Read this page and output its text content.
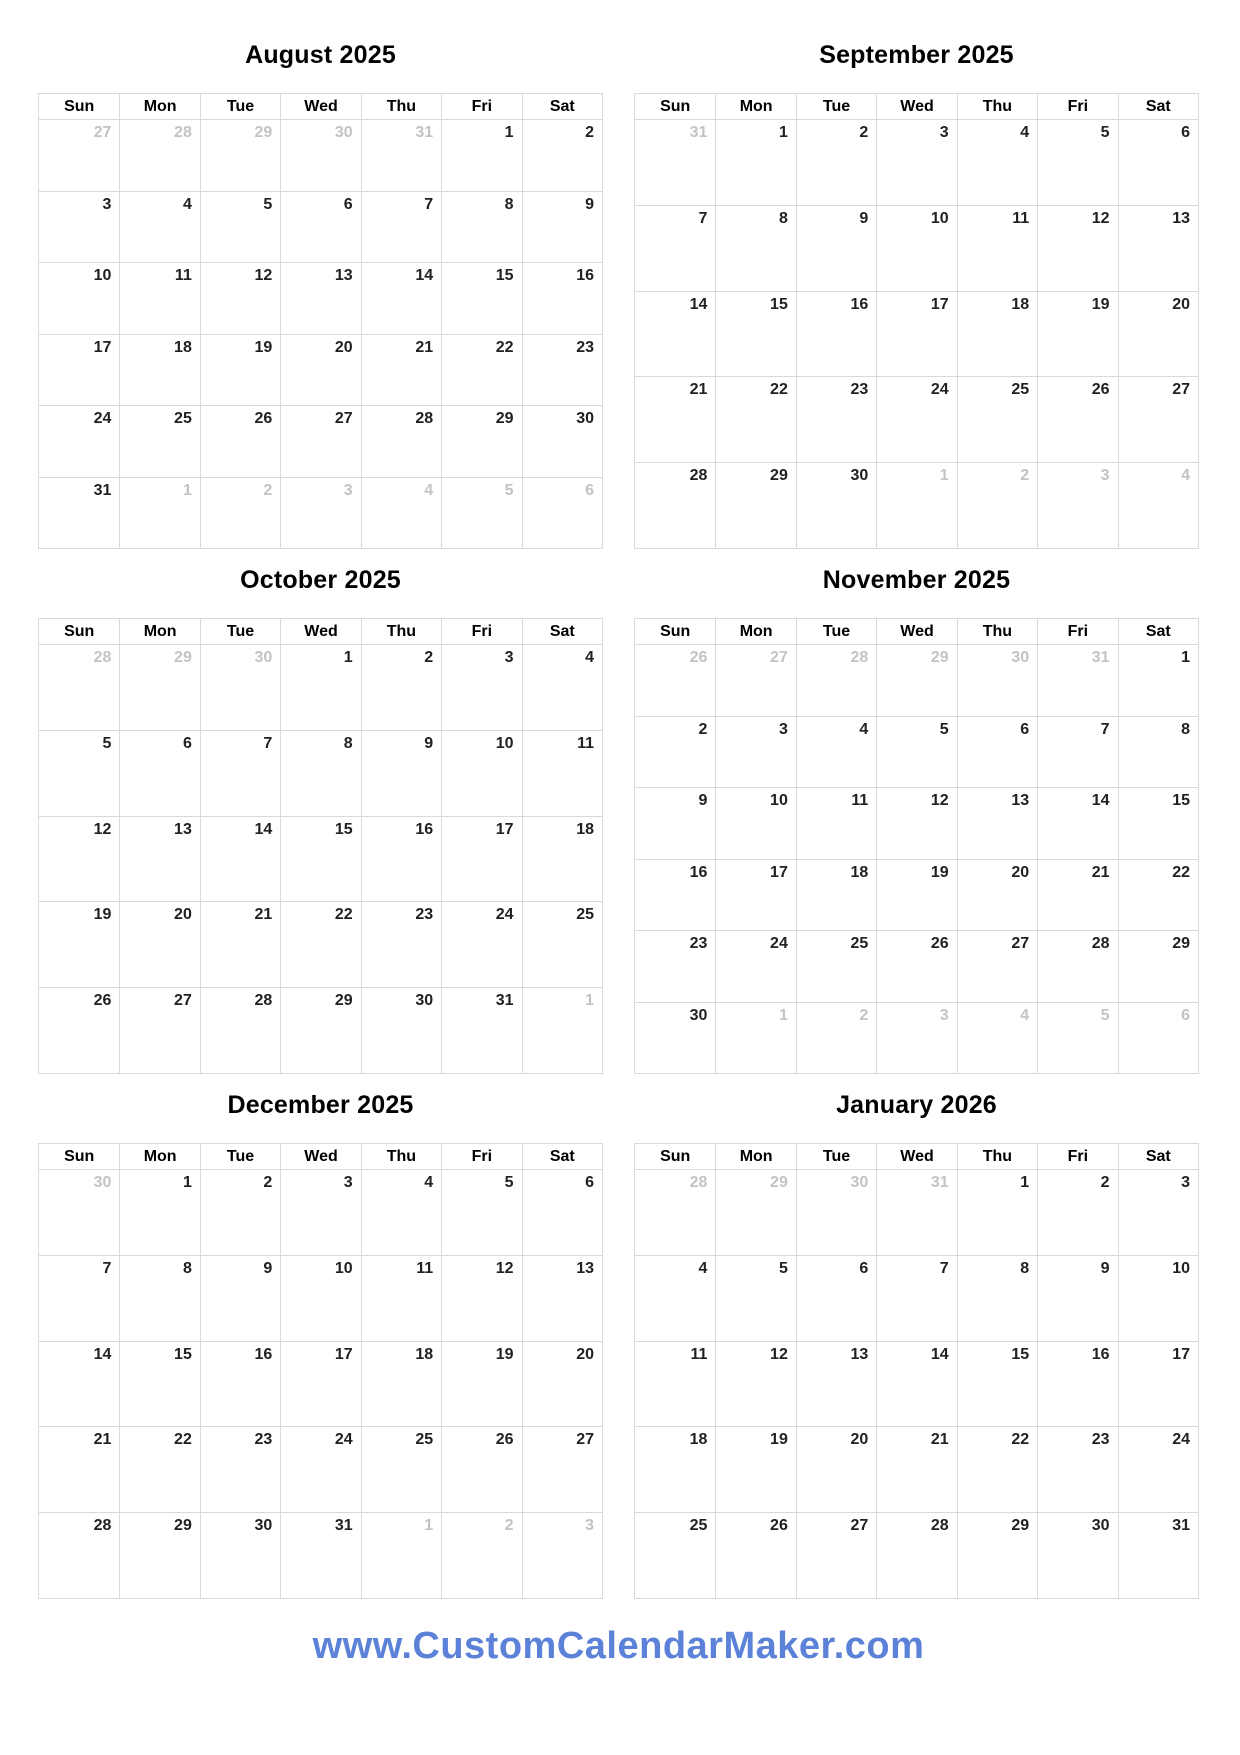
August 2025
Sun	Mon	Tue	Wed	Thu	Fri	Sat
27	28	29	30	31	1	2
3	4	5	6	7	8	9
10	11	12	13	14	15	16
17	18	19	20	21	22	23
24	25	26	27	28	29	30
31	1	2	3	4	5	6
September 2025
Sun	Mon	Tue	Wed	Thu	Fri	Sat
31	1	2	3	4	5	6
7	8	9	10	11	12	13
14	15	16	17	18	19	20
21	22	23	24	25	26	27
28	29	30	1	2	3	4
October 2025
Sun	Mon	Tue	Wed	Thu	Fri	Sat
28	29	30	1	2	3	4
5	6	7	8	9	10	11
12	13	14	15	16	17	18
19	20	21	22	23	24	25
26	27	28	29	30	31	1
November 2025
Sun	Mon	Tue	Wed	Thu	Fri	Sat
26	27	28	29	30	31	1
2	3	4	5	6	7	8
9	10	11	12	13	14	15
16	17	18	19	20	21	22
23	24	25	26	27	28	29
30	1	2	3	4	5	6
December 2025
Sun	Mon	Tue	Wed	Thu	Fri	Sat
30	1	2	3	4	5	6
7	8	9	10	11	12	13
14	15	16	17	18	19	20
21	22	23	24	25	26	27
28	29	30	31	1	2	3
January 2026
Sun	Mon	Tue	Wed	Thu	Fri	Sat
28	29	30	31	1	2	3
4	5	6	7	8	9	10
11	12	13	14	15	16	17
18	19	20	21	22	23	24
25	26	27	28	29	30	31
www.CustomCalendarMaker.com
